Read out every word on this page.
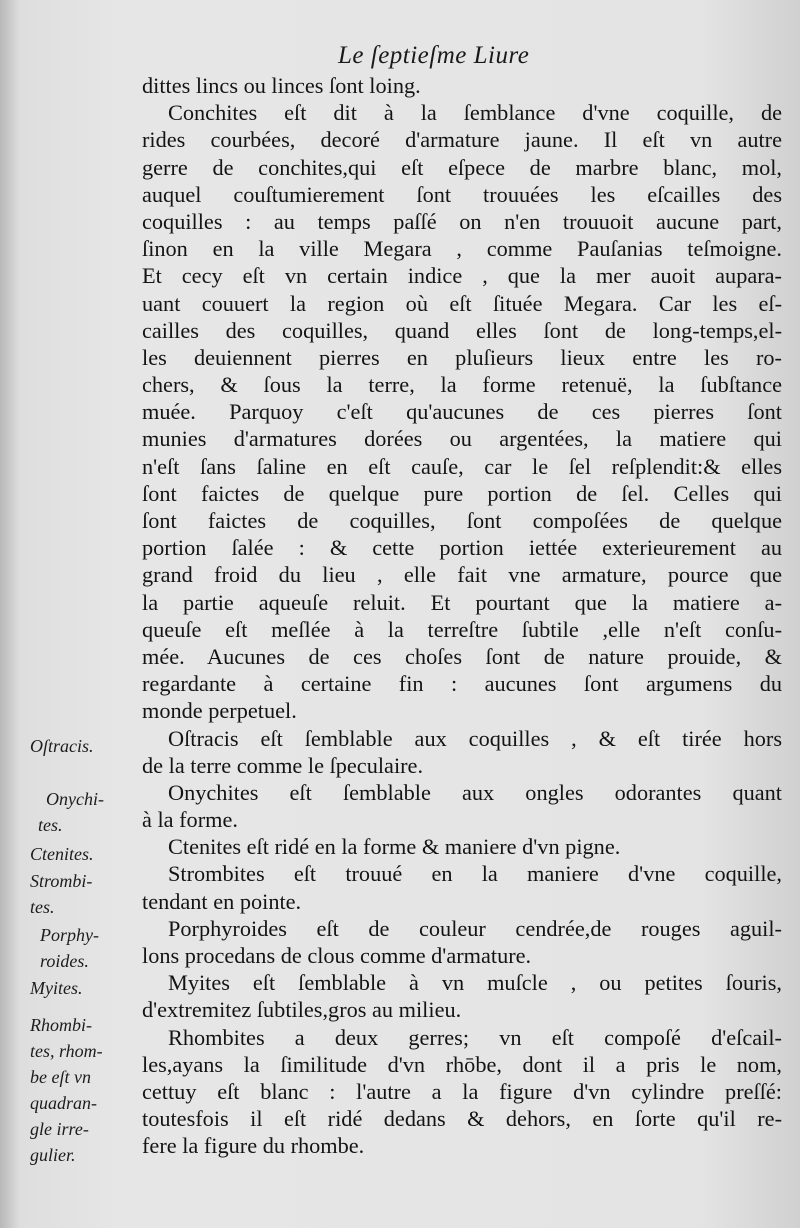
Le ſeptieſme Liure
dittes lincs ou linces ſont loing.
Conchites eſt dit à la ſemblance d'vne coquille, de
rides courbées, decoré d'armature jaune. Il eſt vn autre
gerre de conchites,qui eſt eſpece de marbre blanc, mol,
auquel couſtumierement ſont trouuées les eſcailles des
coquilles : au temps paſſé on n'en trouuoit aucune part,
ſinon en la ville Megara , comme Pauſanias teſmoigne.
Et cecy eſt vn certain indice , que la mer auoit aupara-
uant couuert la region où eſt ſituée Megara. Car les eſ-
cailles des coquilles, quand elles ſont de long-temps,el-
les deuiennent pierres en pluſieurs lieux entre les ro-
chers, & ſous la terre, la forme retenuë, la ſubſtance
muée. Parquoy c'eſt qu'aucunes de ces pierres ſont
munies d'armatures dorées ou argentées, la matiere qui
n'eſt ſans ſaline en eſt cauſe, car le ſel reſplendit:& elles
ſont faictes de quelque pure portion de ſel. Celles qui
ſont faictes de coquilles, ſont compoſées de quelque
portion ſalée : & cette portion iettée exterieurement au
grand froid du lieu , elle fait vne armature, pource que
la partie aqueuſe reluit. Et pourtant que la matiere a-
queuſe eſt meſlée à la terreſtre ſubtile ,elle n'eſt conſu-
mée. Aucunes de ces choſes ſont de nature prouide, &
regardante à certaine fin : aucunes ſont argumens du
monde perpetuel.
Oſtracis eſt ſemblable aux coquilles , & eſt tirée hors
de la terre comme le ſpeculaire.
Onychites eſt ſemblable aux ongles odorantes quant
à la forme.
Ctenites eſt ridé en la forme & maniere d'vn pigne.
Strombites eſt trouué en la maniere d'vne coquille,
tendant en pointe.
Porphyroides eſt de couleur cendrée,de rouges aguil-
lons procedans de clous comme d'armature.
Myites eſt ſemblable à vn muſcle , ou petites ſouris,
d'extremitez ſubtiles,gros au milieu.
Rhombites a deux gerres; vn eſt compoſé d'eſcail-
les,ayans la ſimilitude d'vn rhōbe, dont il a pris le nom,
cettuy eſt blanc : l'autre a la figure d'vn cylindre preſſé:
toutesfois il eſt ridé dedans & dehors, en ſorte qu'il re-
fere la figure du rhombe.
Oſtracis.
Onychi-
tes.
Ctenites.
Strombi-
tes.
Porphy-
roides.
Myites.
Rhombi-
tes, rhom-
be eſt vn
quadran-
gle irre-
gulier.
